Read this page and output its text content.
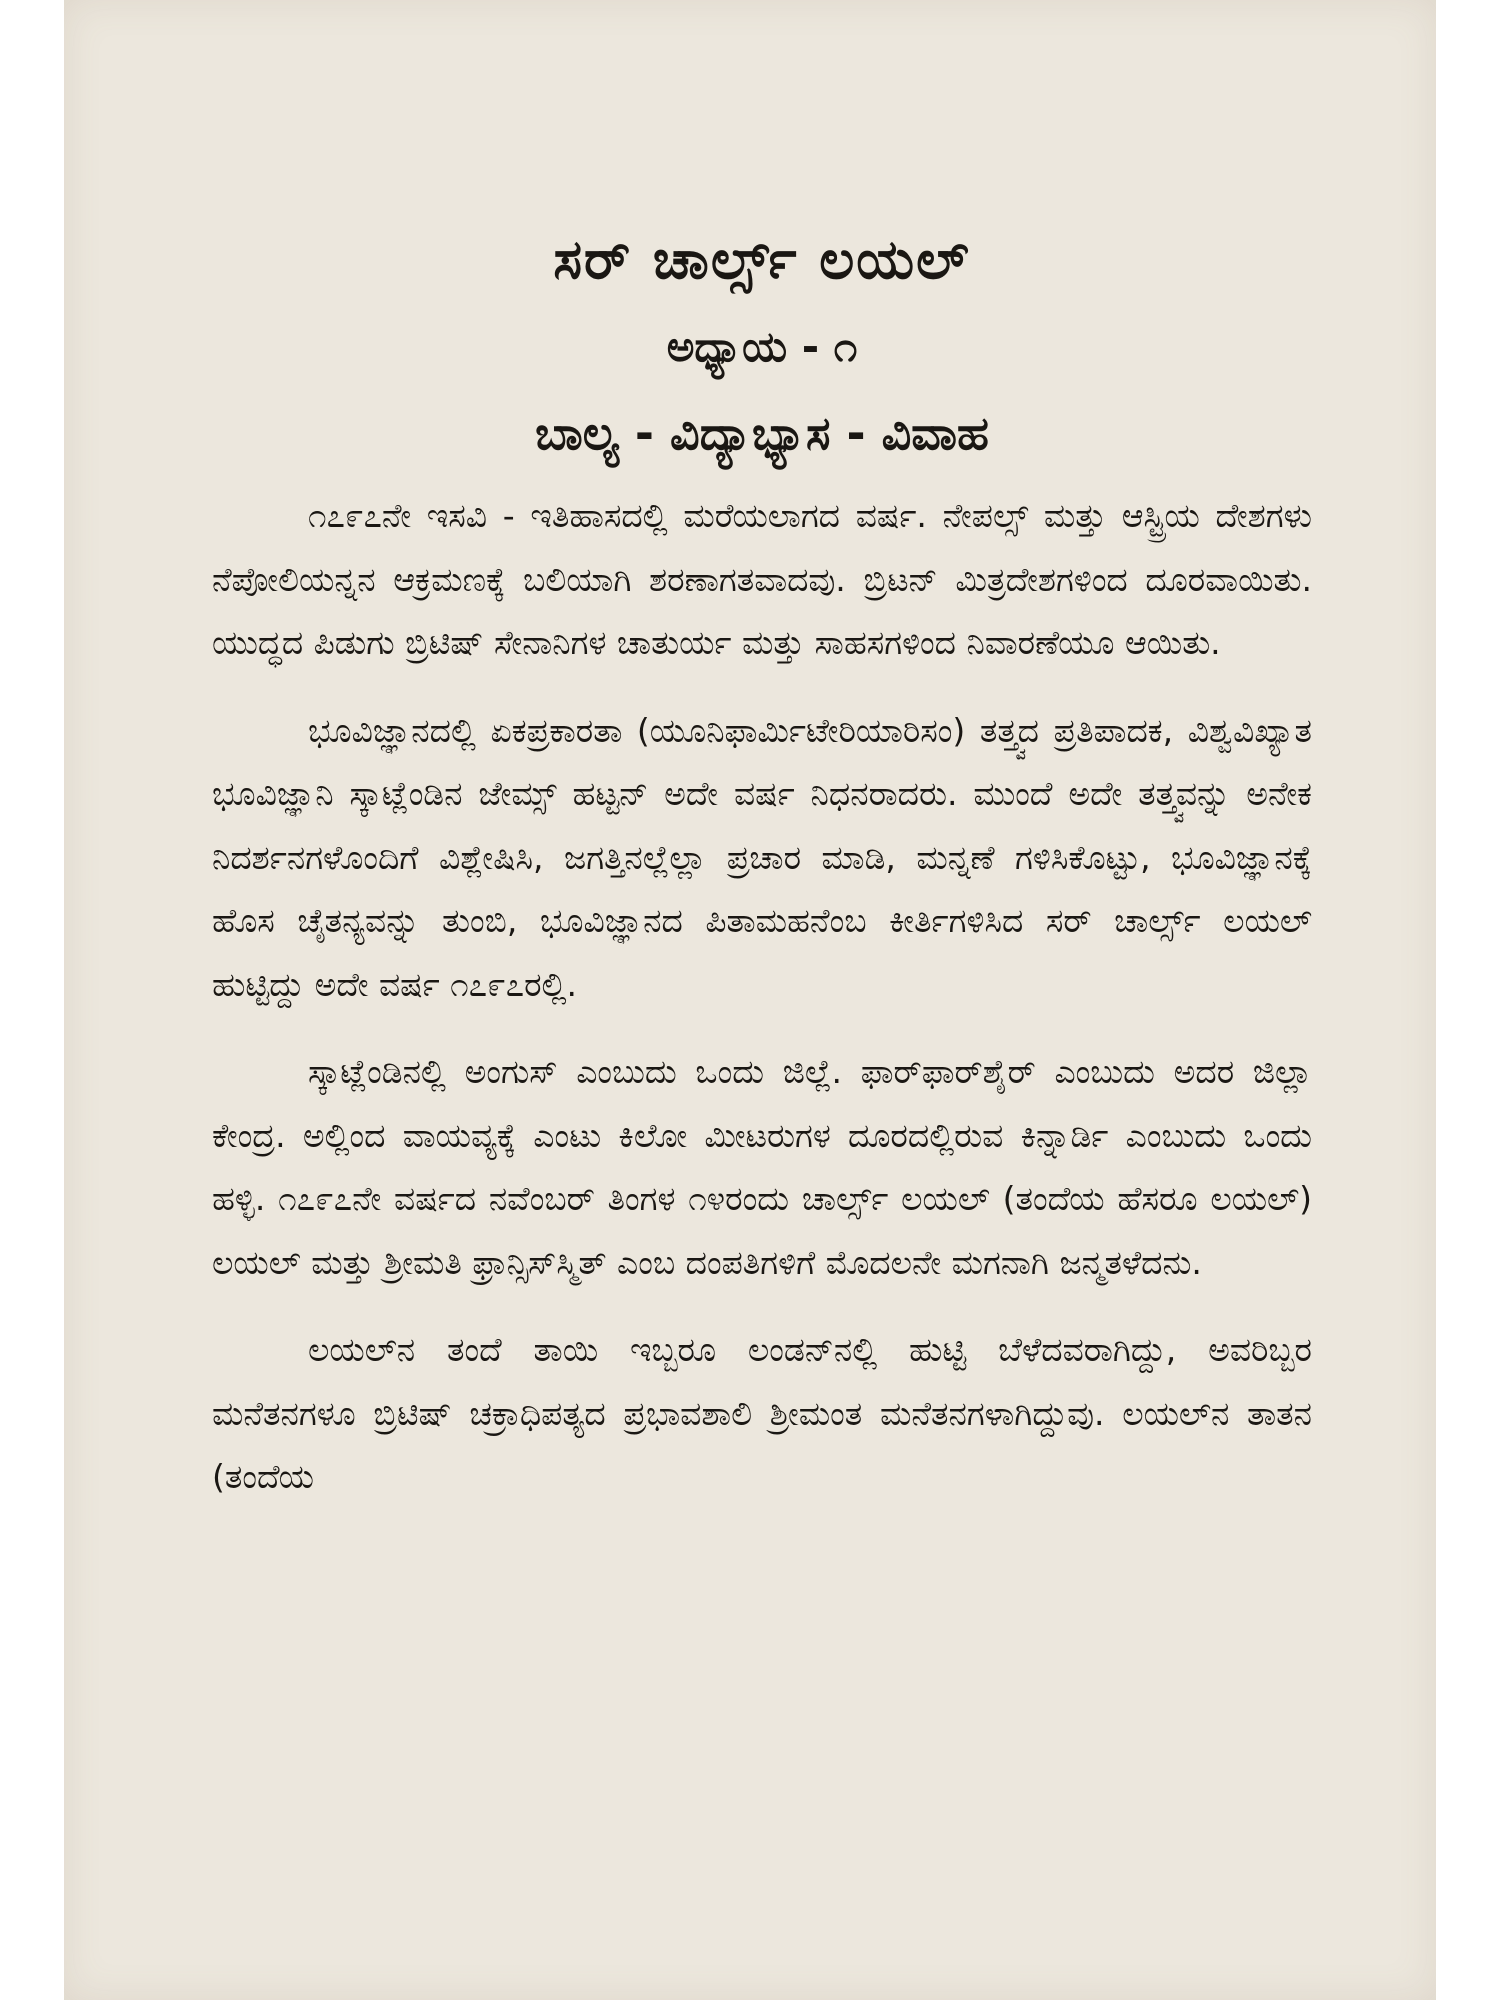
ಸರ್ ಚಾರ್ಲ್ಸ್ ಲಯಲ್
ಅಧ್ಯಾಯ - ೧
ಬಾಲ್ಯ - ವಿದ್ಯಾಭ್ಯಾಸ - ವಿವಾಹ

೧೭೯೭ನೇ ಇಸವಿ - ಇತಿಹಾಸದಲ್ಲಿ ಮರೆಯಲಾಗದ ವರ್ಷ. ನೇಪಲ್ಸ್ ಮತ್ತು ಆಸ್ಟ್ರಿಯ ದೇಶಗಳು ನೆಪೋಲಿಯನ್ನನ ಆಕ್ರಮಣಕ್ಕೆ ಬಲಿಯಾಗಿ ಶರಣಾಗತವಾದವು. ಬ್ರಿಟನ್ ಮಿತ್ರದೇಶಗಳಿಂದ ದೂರವಾಯಿತು. ಯುದ್ಧದ ಪಿಡುಗು ಬ್ರಿಟಿಷ್ ಸೇನಾನಿಗಳ ಚಾತುರ್ಯ ಮತ್ತು ಸಾಹಸಗಳಿಂದ ನಿವಾರಣೆಯೂ ಆಯಿತು.

ಭೂವಿಜ್ಞಾನದಲ್ಲಿ ಏಕಪ್ರಕಾರತಾ (ಯೂನಿಫಾರ್ಮಿಟೇರಿಯಾರಿಸಂ) ತತ್ತ್ವದ ಪ್ರತಿಪಾದಕ, ವಿಶ್ವವಿಖ್ಯಾತ ಭೂವಿಜ್ಞಾನಿ ಸ್ಕಾಟ್ಲೆಂಡಿನ ಜೇಮ್ಸ್ ಹಟ್ಟನ್ ಅದೇ ವರ್ಷ ನಿಧನರಾದರು. ಮುಂದೆ ಅದೇ ತತ್ತ್ವವನ್ನು ಅನೇಕ ನಿದರ್ಶನಗಳೊಂದಿಗೆ ವಿಶ್ಲೇಷಿಸಿ, ಜಗತ್ತಿನಲ್ಲೆಲ್ಲಾ ಪ್ರಚಾರ ಮಾಡಿ, ಮನ್ನಣೆ ಗಳಿಸಿಕೊಟ್ಟು, ಭೂವಿಜ್ಞಾನಕ್ಕೆ ಹೊಸ ಚೈತನ್ಯವನ್ನು ತುಂಬಿ, ಭೂವಿಜ್ಞಾನದ ಪಿತಾಮಹನೆಂಬ ಕೀರ್ತಿಗಳಿಸಿದ ಸರ್ ಚಾರ್ಲ್ಸ್ ಲಯಲ್ ಹುಟ್ಟಿದ್ದು ಅದೇ ವರ್ಷ ೧೭೯೭ರಲ್ಲಿ.

ಸ್ಕಾಟ್ಲೆಂಡಿನಲ್ಲಿ ಅಂಗುಸ್ ಎಂಬುದು ಒಂದು ಜಿಲ್ಲೆ. ಫಾರ್‌ಫಾರ್‌ಶೈರ್ ಎಂಬುದು ಅದರ ಜಿಲ್ಲಾ ಕೇಂದ್ರ. ಅಲ್ಲಿಂದ ವಾಯವ್ಯಕ್ಕೆ ಎಂಟು ಕಿಲೋ ಮೀಟರುಗಳ ದೂರದಲ್ಲಿರುವ ಕಿನ್ನಾರ್ಡಿ ಎಂಬುದು ಒಂದು ಹಳ್ಳಿ. ೧೭೯೭ನೇ ವರ್ಷದ ನವೆಂಬರ್ ತಿಂಗಳ ೧೪ರಂದು ಚಾರ್ಲ್ಸ್ ಲಯಲ್ (ತಂದೆಯ ಹೆಸರೂ ಲಯಲ್) ಲಯಲ್ ಮತ್ತು ಶ್ರೀಮತಿ ಫ್ರಾನ್ಸಿಸ್‌ಸ್ಮಿತ್ ಎಂಬ ದಂಪತಿಗಳಿಗೆ ಮೊದಲನೇ ಮಗನಾಗಿ ಜನ್ಮತಳೆದನು.

ಲಯಲ್‌ನ ತಂದೆ ತಾಯಿ ಇಬ್ಬರೂ ಲಂಡನ್‌ನಲ್ಲಿ ಹುಟ್ಟಿ ಬೆಳೆದವರಾಗಿದ್ದು, ಅವರಿಬ್ಬರ ಮನೆತನಗಳೂ ಬ್ರಿಟಿಷ್ ಚಕ್ರಾಧಿಪತ್ಯದ ಪ್ರಭಾವಶಾಲಿ ಶ್ರೀಮಂತ ಮನೆತನಗಳಾಗಿದ್ದುವು. ಲಯಲ್‌ನ ತಾತನ (ತಂದೆಯ
